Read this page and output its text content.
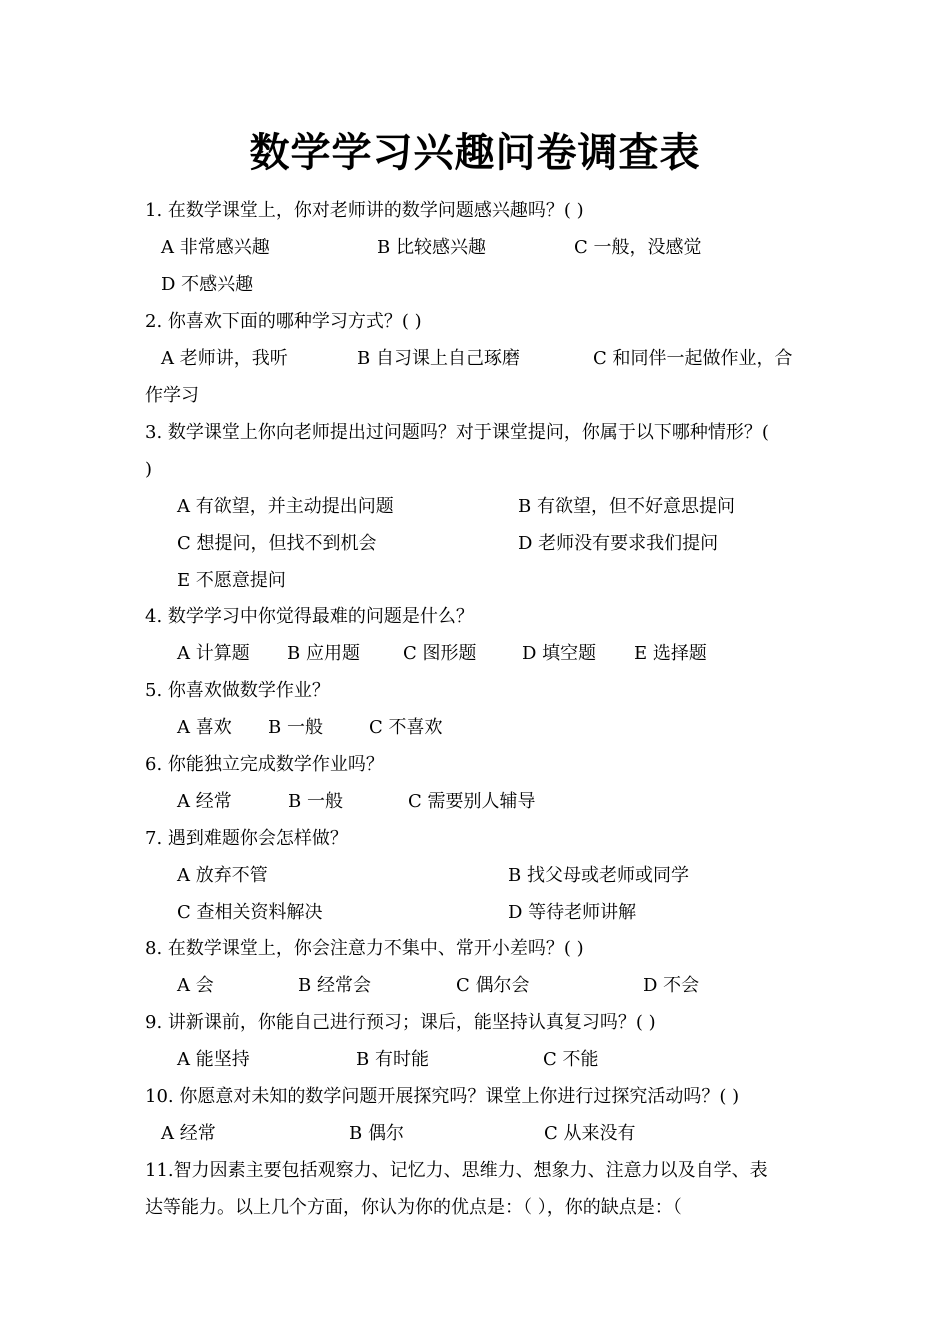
数学学习兴趣问卷调查表
1. 在数学课堂上，你对老师讲的数学问题感兴趣吗？( )
A 非常感兴趣	B 比较感兴趣	C 一般，没感觉
D 不感兴趣
2. 你喜欢下面的哪种学习方式？( )
A 老师讲，我听	B 自习课上自己琢磨	C 和同伴一起做作业，合
作学习
3. 数学课堂上你向老师提出过问题吗？对于课堂提问，你属于以下哪种情形？(
)
A 有欲望，并主动提出问题	B 有欲望，但不好意思提问
C 想提问，但找不到机会	D 老师没有要求我们提问
E 不愿意提问
4. 数学学习中你觉得最难的问题是什么？
A 计算题 B 应用题 C 图形题	D 填空题 E 选择题
5. 你喜欢做数学作业？
A 喜欢 B 一般	C 不喜欢
6. 你能独立完成数学作业吗？
A 经常	B 一般	C 需要别人辅导
7. 遇到难题你会怎样做？
A 放弃不管	B 找父母或老师或同学
C 查相关资料解决	D 等待老师讲解
8. 在数学课堂上，你会注意力不集中、常开小差吗？( )
A 会	B 经常会	C 偶尔会	D 不会
9. 讲新课前，你能自己进行预习；课后，能坚持认真复习吗？( )
A 能坚持	B 有时能	C 不能
10. 你愿意对未知的数学问题开展探究吗？课堂上你进行过探究活动吗？( )
A 经常	B 偶尔	C 从来没有
11.智力因素主要包括观察力、记忆力、思维力、想象力、注意力以及自学、表
达等能力。以上几个方面，你认为你的优点是：（ ），你的缺点是：（
